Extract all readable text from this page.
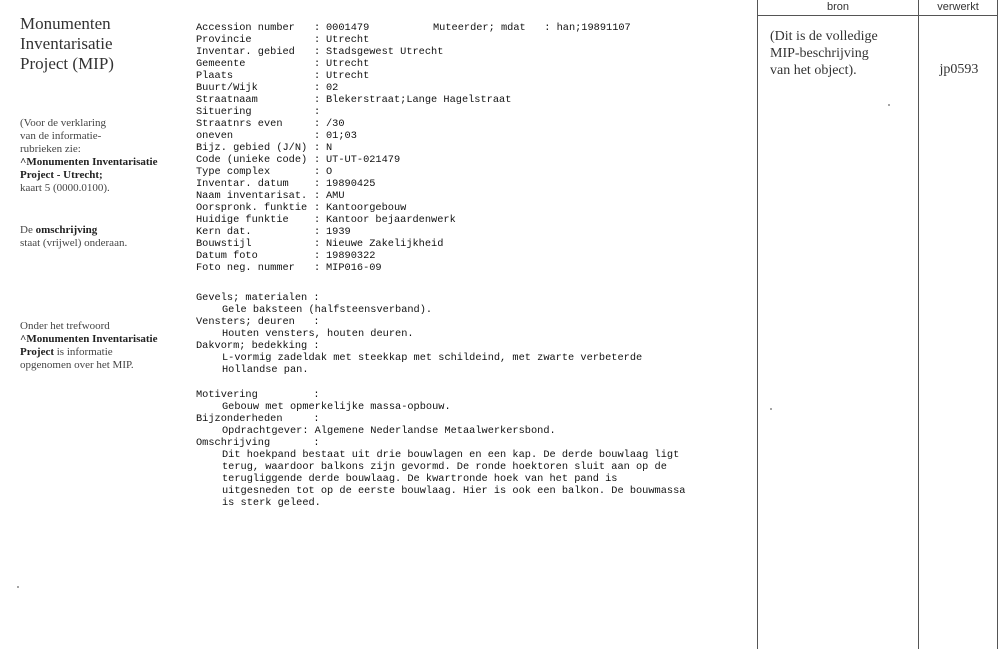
Monumenten
Inventarisatie
Project (MIP)
(Voor de verklaring
van de informatie-
rubrieken zie:
^Monumenten Inventarisatie
Project - Utrecht;
kaart 5 (0000.0100).
De omschrijving
staat (vrijwel) onderaan.
Onder het trefwoord
^Monumenten Inventarisatie
Project is informatie
opgenomen over het MIP.
Accession number	: 0001479
Provincie	: Utrecht
Inventar. gebied	: Stadsgewest Utrecht
Gemeente	: Utrecht
Plaats	: Utrecht
Buurt/Wijk	: 02
Straatnaam	: Blekerstraat;Lange Hagelstraat
Situering	:
Straatnrs even	: /30
oneven	: 01;03
Bijz. gebied (J/N) : N
Code (unieke code) : UT-UT-021479
Type complex	: O
Inventar. datum	: 19890425
Naam inventarisat. : AMU
Oorspronk. funktie : Kantoorgebouw
Huidige funktie	: Kantoor bejaardenwerk
Kern dat.	: 1939
Bouwstijl	: Nieuwe Zakelijkheid
Datum foto	: 19890322
Foto neg. nummer	: MIP016-09
Muteerder; mdat   : han;19891107
Gevels; materialen :
Gele baksteen (halfsteensverband).
Vensters; deuren   :
Houten vensters, houten deuren.
Dakvorm; bedekking :
L-vormig zadeldak met steekkap met schildeind, met zwarte verbeterde
Hollandse pan.
Motivering         :
Gebouw met opmerkelijke massa-opbouw.
Bijzonderheden     :
Opdrachtgever: Algemene Nederlandse Metaalwerkersbond.
Omschrijving       :
Dit hoekpand bestaat uit drie bouwlagen en een kap. De derde bouwlaag ligt
terug, waardoor balkons zijn gevormd. De ronde hoektoren sluit aan op de
terugliggende derde bouwlaag. De kwartronde hoek van het pand is
uitgesneden tot op de eerste bouwlaag. Hier is ook een balkon. De bouwmassa
is sterk geleed.
bron	verwerkt
(Dit is de volledige
MIP-beschrijving
van het object).	jp0593
